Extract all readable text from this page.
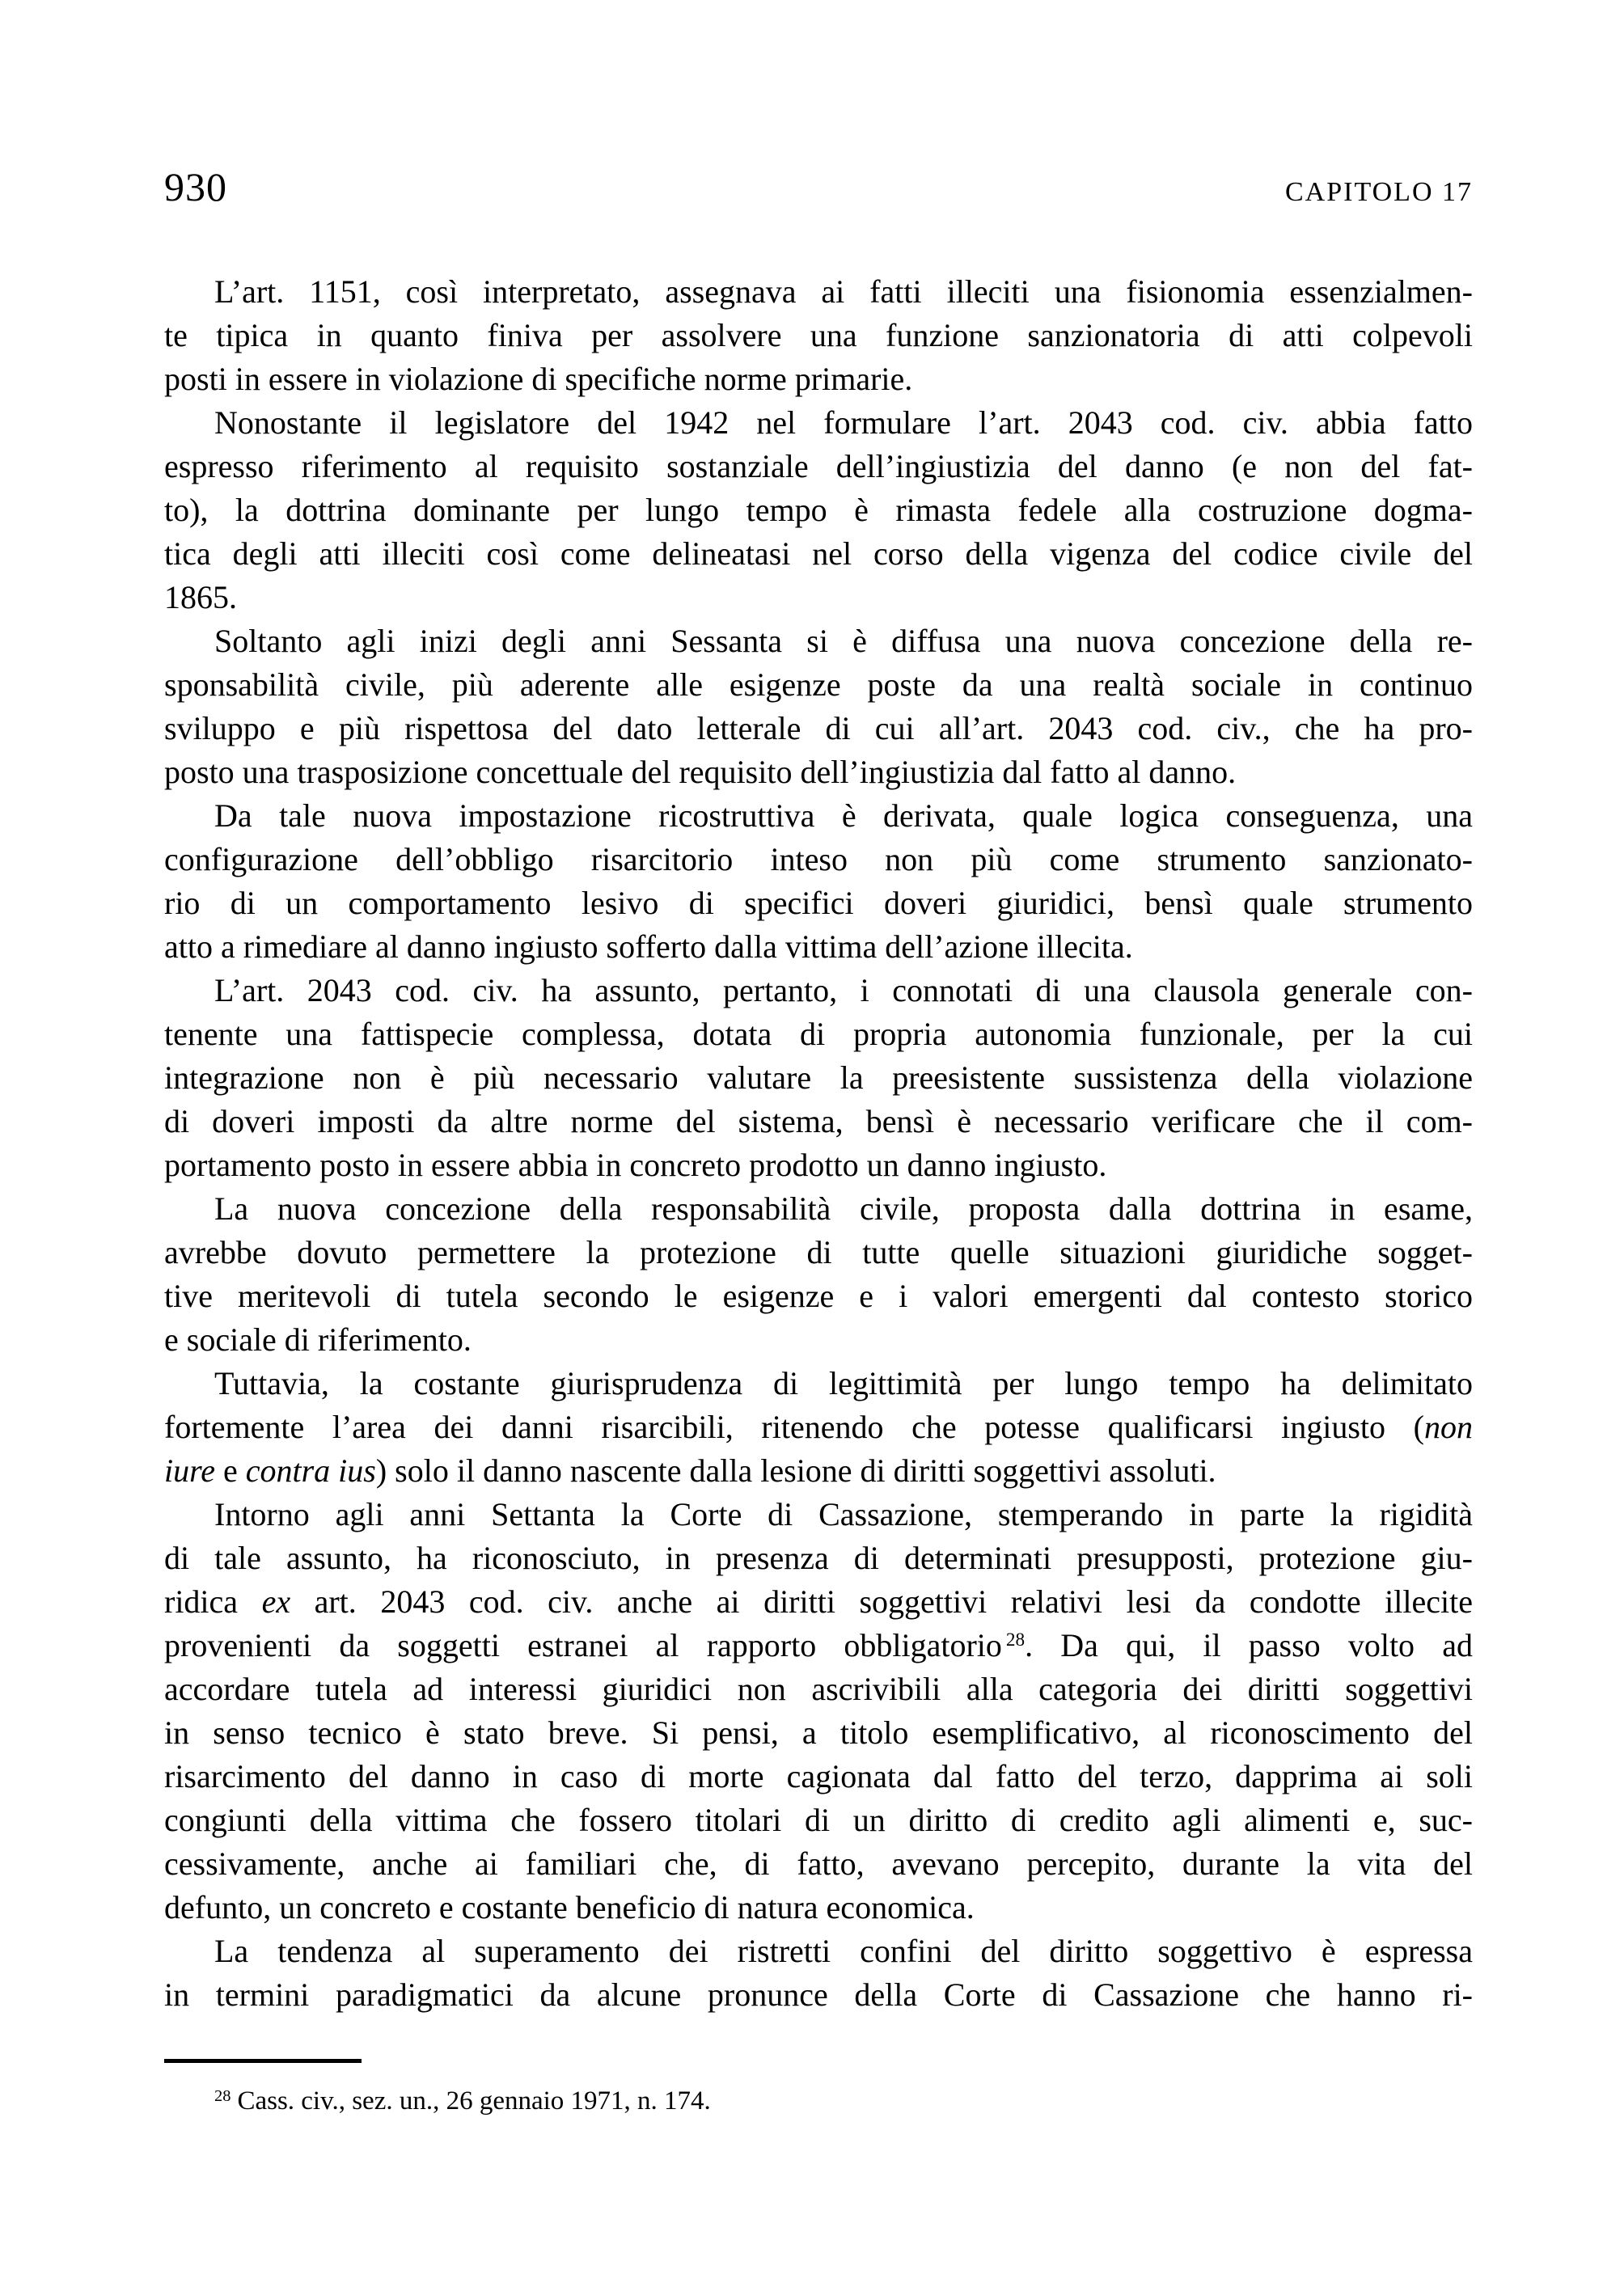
930	CAPITOLO 17
L’art. 1151, così interpretato, assegnava ai fatti illeciti una fisionomia essenzialmen-
te tipica in quanto finiva per assolvere una funzione sanzionatoria di atti colpevoli
posti in essere in violazione di specifiche norme primarie.
Nonostante il legislatore del 1942 nel formulare l’art. 2043 cod. civ. abbia fatto
espresso riferimento al requisito sostanziale dell’ingiustizia del danno (e non del fat-
to), la dottrina dominante per lungo tempo è rimasta fedele alla costruzione dogma-
tica degli atti illeciti così come delineatasi nel corso della vigenza del codice civile del
1865.
Soltanto agli inizi degli anni Sessanta si è diffusa una nuova concezione della re-
sponsabilità civile, più aderente alle esigenze poste da una realtà sociale in continuo
sviluppo e più rispettosa del dato letterale di cui all’art. 2043 cod. civ., che ha pro-
posto una trasposizione concettuale del requisito dell’ingiustizia dal fatto al danno.
Da tale nuova impostazione ricostruttiva è derivata, quale logica conseguenza, una
configurazione dell’obbligo risarcitorio inteso non più come strumento sanzionato-
rio di un comportamento lesivo di specifici doveri giuridici, bensì quale strumento
atto a rimediare al danno ingiusto sofferto dalla vittima dell’azione illecita.
L’art. 2043 cod. civ. ha assunto, pertanto, i connotati di una clausola generale con-
tenente una fattispecie complessa, dotata di propria autonomia funzionale, per la cui
integrazione non è più necessario valutare la preesistente sussistenza della violazione
di doveri imposti da altre norme del sistema, bensì è necessario verificare che il com-
portamento posto in essere abbia in concreto prodotto un danno ingiusto.
La nuova concezione della responsabilità civile, proposta dalla dottrina in esame,
avrebbe dovuto permettere la protezione di tutte quelle situazioni giuridiche sogget-
tive meritevoli di tutela secondo le esigenze e i valori emergenti dal contesto storico
e sociale di riferimento.
Tuttavia, la costante giurisprudenza di legittimità per lungo tempo ha delimitato
fortemente l’area dei danni risarcibili, ritenendo che potesse qualificarsi ingiusto (non
iure e contra ius) solo il danno nascente dalla lesione di diritti soggettivi assoluti.
Intorno agli anni Settanta la Corte di Cassazione, stemperando in parte la rigidità
di tale assunto, ha riconosciuto, in presenza di determinati presupposti, protezione giu-
ridica ex art. 2043 cod. civ. anche ai diritti soggettivi relativi lesi da condotte illecite
provenienti da soggetti estranei al rapporto obbligatorio $^{28}$. Da qui, il passo volto ad
accordare tutela ad interessi giuridici non ascrivibili alla categoria dei diritti soggettivi
in senso tecnico è stato breve. Si pensi, a titolo esemplificativo, al riconoscimento del
risarcimento del danno in caso di morte cagionata dal fatto del terzo, dapprima ai soli
congiunti della vittima che fossero titolari di un diritto di credito agli alimenti e, suc-
cessivamente, anche ai familiari che, di fatto, avevano percepito, durante la vita del
defunto, un concreto e costante beneficio di natura economica.
La tendenza al superamento dei ristretti confini del diritto soggettivo è espressa
in termini paradigmatici da alcune pronunce della Corte di Cassazione che hanno ri-
$^{28}$ Cass. civ., sez. un., 26 gennaio 1971, n. 174.
